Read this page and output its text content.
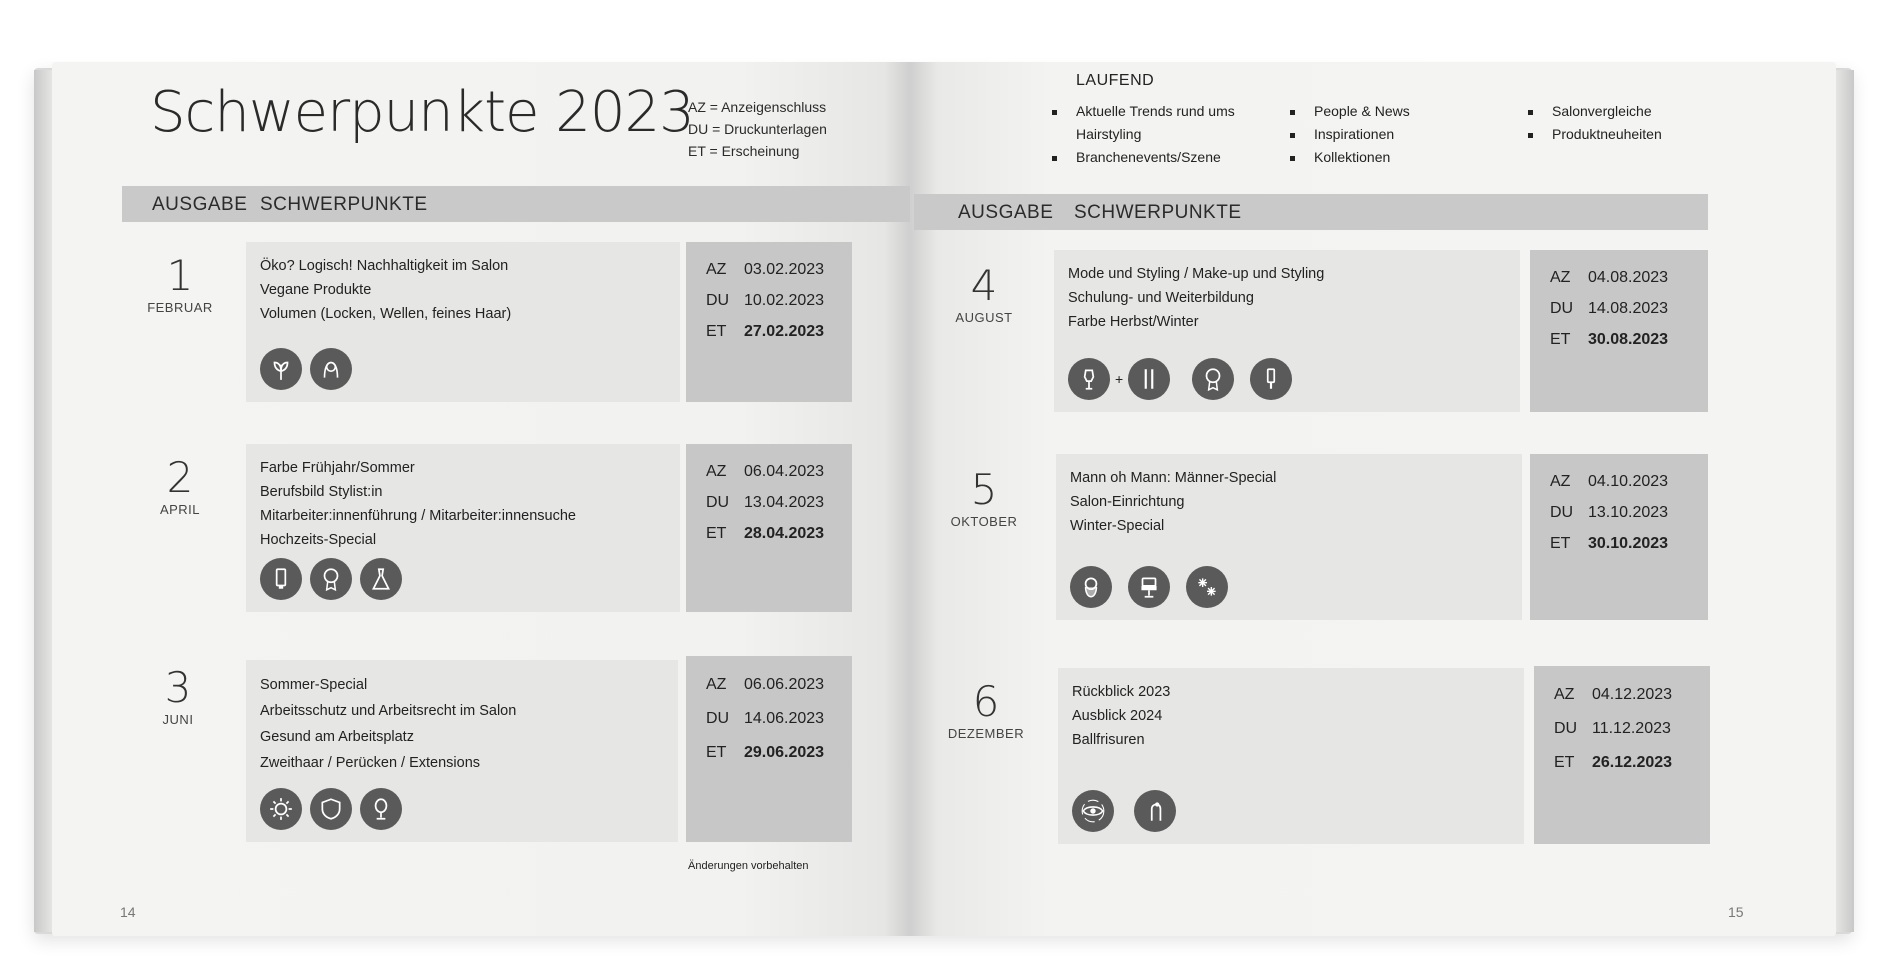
Schwerpunkte 2023
AZ = Anzeigenschluss
DU = Druckunterlagen
ET = Erscheinung
AUSGABE SCHWERPUNKTE
LAUFEND
Aktuelle Trends rund ums
Hairstyling
Branchenevents/Szene
People & News
Inspirationen
Kollektionen
Salonvergleiche
Produktneuheiten
AUSGABE SCHWERPUNKTE
1
FEBRUAR
Öko? Logisch! Nachhaltigkeit im Salon
Vegane Produkte
Volumen (Locken, Wellen, feines Haar)
AZ	03.02.2023
DU 10.02.2023
ET	27.02.2023
2
APRIL
Farbe Frühjahr/Sommer
Berufsbild Stylist:in
Mitarbeiter:innenführung / Mitarbeiter:innensuche
Hochzeits-Special
AZ	06.04.2023
DU 13.04.2023
ET	28.04.2023
3
JUNI
Sommer-Special
Arbeitsschutz und Arbeitsrecht im Salon
Gesund am Arbeitsplatz
Zweithaar / Perücken / Extensions
AZ	06.06.2023
DU 14.06.2023
ET	29.06.2023
Änderungen vorbehalten
14
4
AUGUST
Mode und Styling / Make-up und Styling
Schulung- und Weiterbildung
Farbe Herbst/Winter
+
AZ	04.08.2023
DU 14.08.2023
ET	30.08.2023
5
OKTOBER
Mann oh Mann: Männer-Special
Salon-Einrichtung
Winter-Special
AZ	04.10.2023
DU 13.10.2023
ET	30.10.2023
6
DEZEMBER
Rückblick 2023
Ausblick 2024
Ballfrisuren
AZ	04.12.2023
DU 11.12.2023
ET	26.12.2023
15
